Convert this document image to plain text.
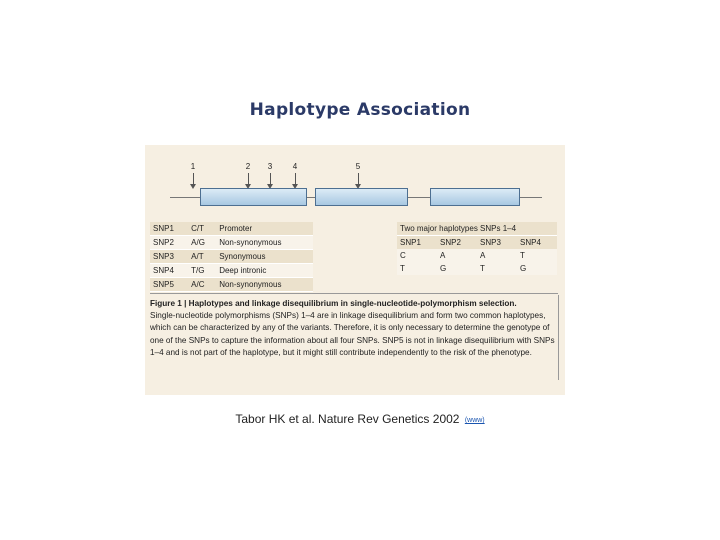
Haplotype Association
1	2 3	4	5
SNP1	C/T	Promoter
SNP2	A/G	Non-synonymous
SNP3	A/T	Synonymous
SNP4	T/G	Deep intronic
SNP5	A/C	Non-synonymous
Two major haplotypes SNPs 1–4			
SNP1	SNP2	SNP3	SNP4
C	A	A	T
T	G	T	G
Figure 1 | Haplotypes and linkage disequilibrium in single-nucleotide-polymorphism selection.
Single-nucleotide polymorphisms (SNPs) 1–4 are in linkage disequilibrium and form two common haplotypes, which can be characterized by any of the variants. Therefore, it is only necessary to determine the genotype of one of the SNPs to capture the information about all four SNPs. SNP5 is not in linkage disequilibrium with SNPs 1–4 and is not part of the haplotype, but it might still contribute independently to the risk of the phenotype.
Tabor HK et al. Nature Rev Genetics 2002 (www)
